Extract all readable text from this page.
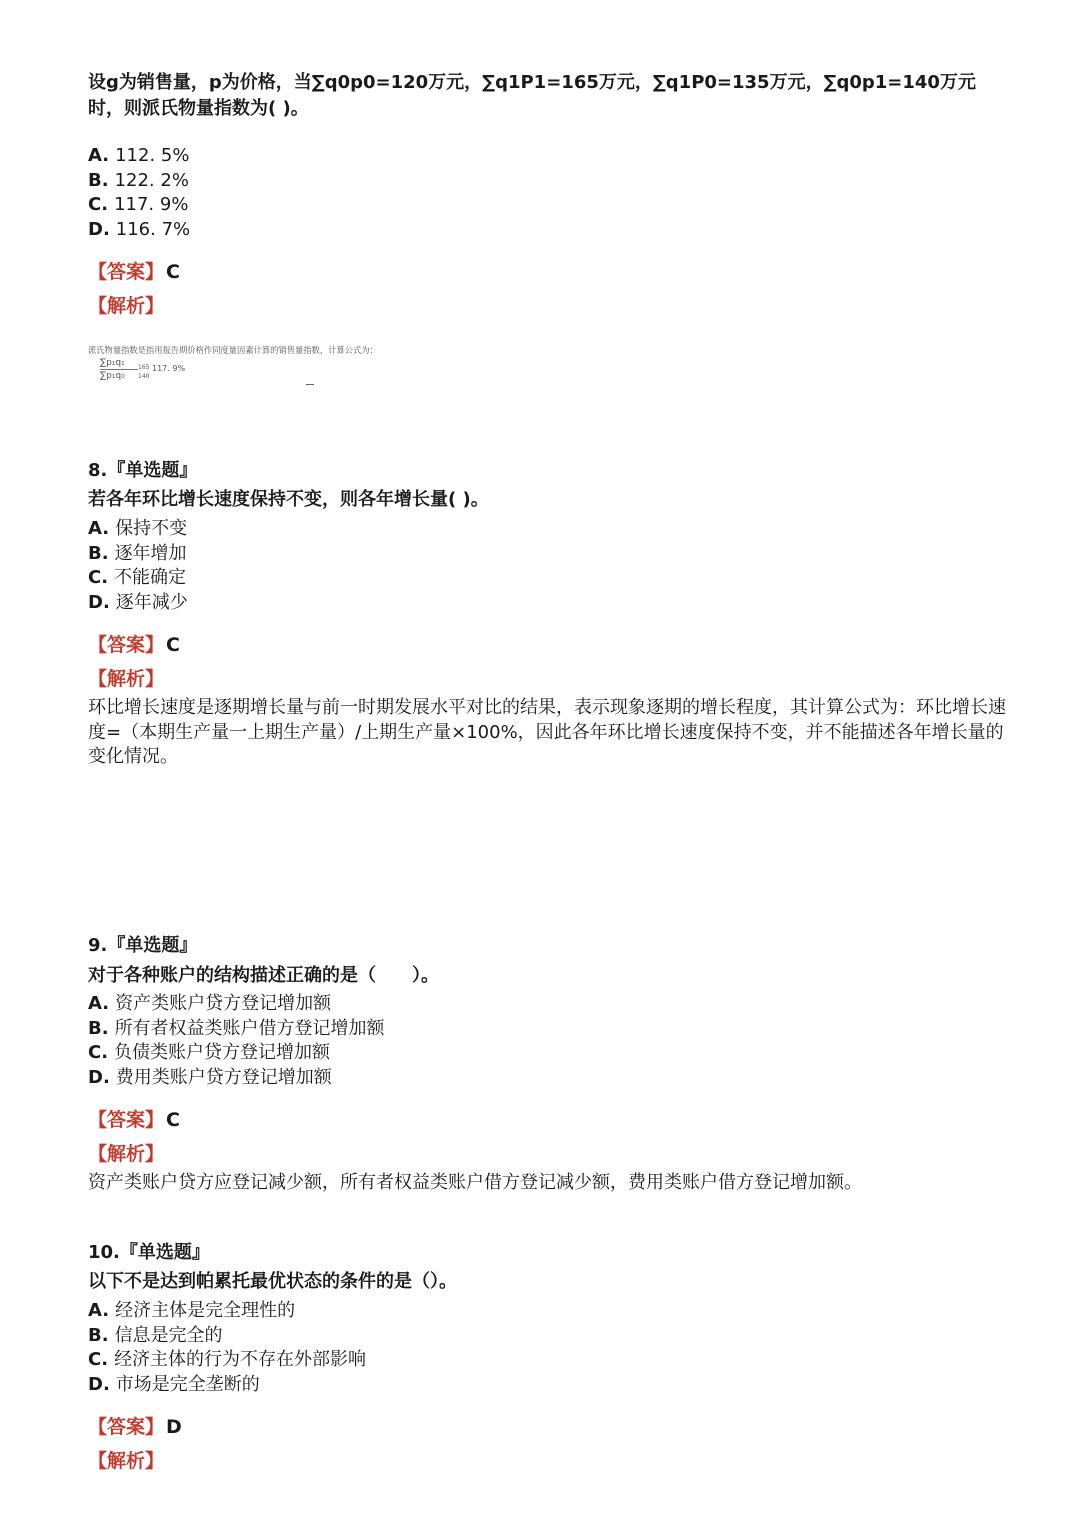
设g为销售量，p为价格，当∑q0p0=120万元，∑q1P1=165万元，∑q1P0=135万元，∑q0p1=140万元时，则派氏物量指数为( )。

A. 112. 5%
B. 122. 2%
C. 117. 9%
D. 116. 7%

【答案】 C

【解析】
派氏物量指数是指用报告期价格作同度量因素计算的销售量指数，计算公式为：
∑p₁q₁
∑p₁q₀
165
140
117. 9%

8.『单选题』

若各年环比增长速度保持不变，则各年增长量( )。

A. 保持不变
B. 逐年增加
C. 不能确定
D. 逐年减少

【答案】 C

【解析】

环比增长速度是逐期增长量与前一时期发展水平对比的结果，表示现象逐期的增长程度，其计算公式为：环比增长速度=（本期生产量一上期生产量）/上期生产量×100%，因此各年环比增长速度保持不变，并不能描述各年增长量的变化情况。

9.『单选题』

对于各种账户的结构描述正确的是（　　）。

A. 资产类账户贷方登记增加额
B. 所有者权益类账户借方登记增加额
C. 负债类账户贷方登记增加额
D. 费用类账户贷方登记增加额

【答案】 C

【解析】

资产类账户贷方应登记减少额，所有者权益类账户借方登记减少额，费用类账户借方登记增加额。

10.『单选题』

以下不是达到帕累托最优状态的条件的是（）。

A. 经济主体是完全理性的
B. 信息是完全的
C. 经济主体的行为不存在外部影响
D. 市场是完全垄断的

【答案】 D

【解析】
